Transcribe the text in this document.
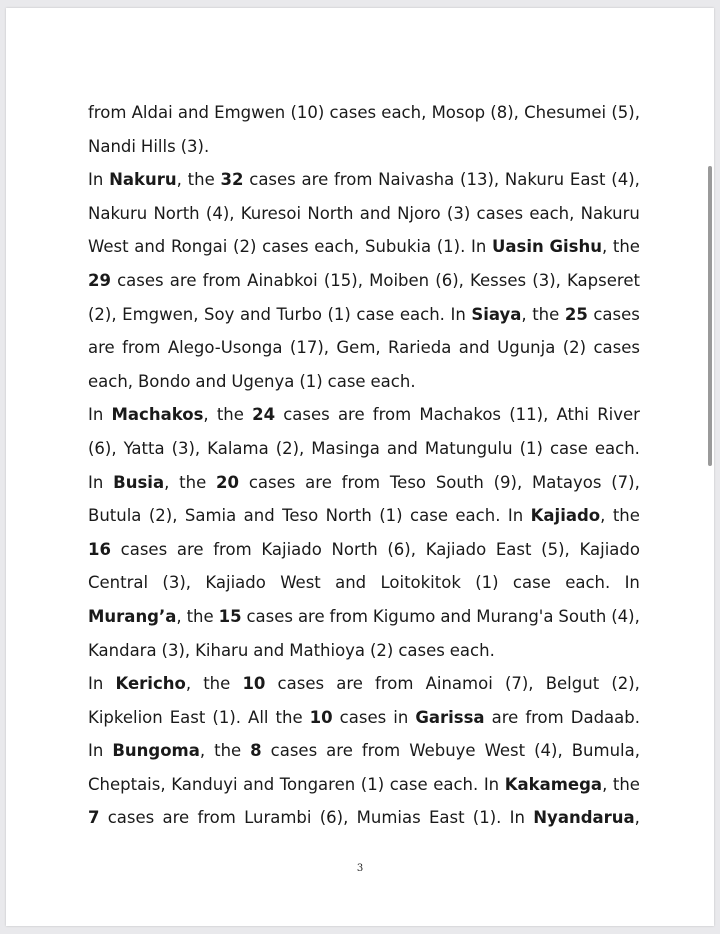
from Aldai and Emgwen (10) cases each, Mosop (8), Chesumei (5),
Nandi Hills (3).
In Nakuru, the 32 cases are from Naivasha (13), Nakuru East (4),
Nakuru North (4), Kuresoi North and Njoro (3) cases each, Nakuru
West and Rongai (2) cases each, Subukia (1). In Uasin Gishu, the
29 cases are from Ainabkoi (15), Moiben (6), Kesses (3), Kapseret
(2), Emgwen, Soy and Turbo (1) case each. In Siaya, the 25 cases
are from Alego-Usonga (17), Gem, Rarieda and Ugunja (2) cases
each, Bondo and Ugenya (1) case each.
In Machakos, the 24 cases are from Machakos (11), Athi River
(6), Yatta (3), Kalama (2), Masinga and Matungulu (1) case each.
In Busia, the 20 cases are from Teso South (9), Matayos (7),
Butula (2), Samia and Teso North (1) case each. In Kajiado, the
16 cases are from Kajiado North (6), Kajiado East (5), Kajiado
Central (3), Kajiado West and Loitokitok (1) case each. In
Murang’a, the 15 cases are from Kigumo and Murang'a South (4),
Kandara (3), Kiharu and Mathioya (2) cases each.
In Kericho, the 10 cases are from Ainamoi (7), Belgut (2),
Kipkelion East (1). All the 10 cases in Garissa are from Dadaab.
In Bungoma, the 8 cases are from Webuye West (4), Bumula,
Cheptais, Kanduyi and Tongaren (1) case each. In Kakamega, the
7 cases are from Lurambi (6), Mumias East (1). In Nyandarua,
3
